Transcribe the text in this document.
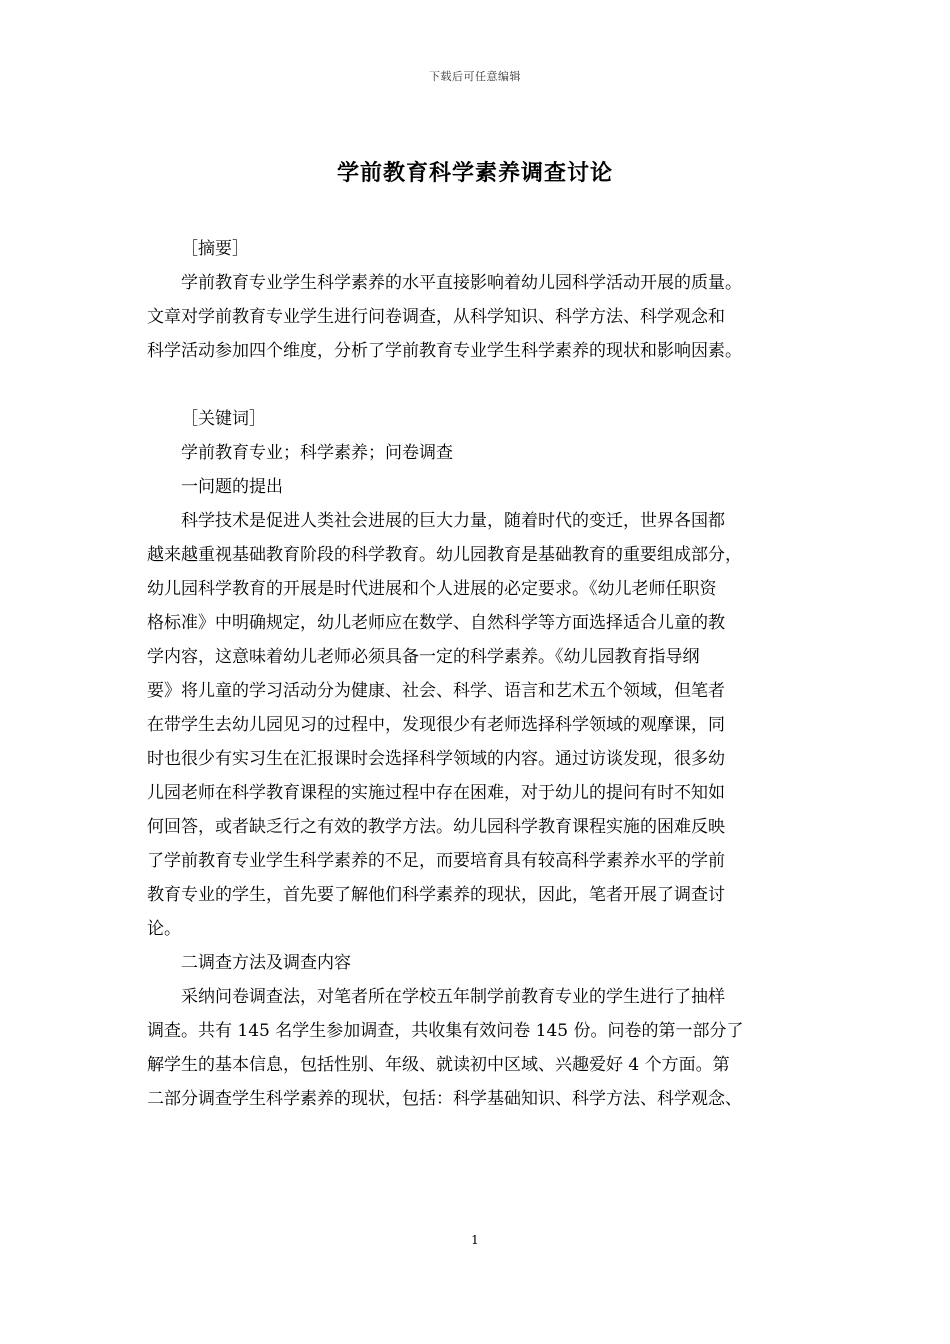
下载后可任意编辑
学前教育科学素养调查讨论
［摘要］
学前教育专业学生科学素养的水平直接影响着幼儿园科学活动开展的质量。
文章对学前教育专业学生进行问卷调查，从科学知识、科学方法、科学观念和
科学活动参加四个维度，分析了学前教育专业学生科学素养的现状和影响因素。
［关键词］
学前教育专业；科学素养；问卷调查
一问题的提出
科学技术是促进人类社会进展的巨大力量，随着时代的变迁，世界各国都
越来越重视基础教育阶段的科学教育。幼儿园教育是基础教育的重要组成部分，
幼儿园科学教育的开展是时代进展和个人进展的必定要求。《幼儿老师任职资
格标准》中明确规定，幼儿老师应在数学、自然科学等方面选择适合儿童的教
学内容，这意味着幼儿老师必须具备一定的科学素养。《幼儿园教育指导纲
要》将儿童的学习活动分为健康、社会、科学、语言和艺术五个领域，但笔者
在带学生去幼儿园见习的过程中，发现很少有老师选择科学领域的观摩课，同
时也很少有实习生在汇报课时会选择科学领域的内容。通过访谈发现，很多幼
儿园老师在科学教育课程的实施过程中存在困难，对于幼儿的提问有时不知如
何回答，或者缺乏行之有效的教学方法。幼儿园科学教育课程实施的困难反映
了学前教育专业学生科学素养的不足，而要培育具有较高科学素养水平的学前
教育专业的学生，首先要了解他们科学素养的现状，因此，笔者开展了调查讨
论。
二调查方法及调查内容
采纳问卷调查法，对笔者所在学校五年制学前教育专业的学生进行了抽样
调查。共有 145 名学生参加调查，共收集有效问卷 145 份。问卷的第一部分了
解学生的基本信息，包括性别、年级、就读初中区域、兴趣爱好 4 个方面。第
二部分调查学生科学素养的现状，包括：科学基础知识、科学方法、科学观念、
1
